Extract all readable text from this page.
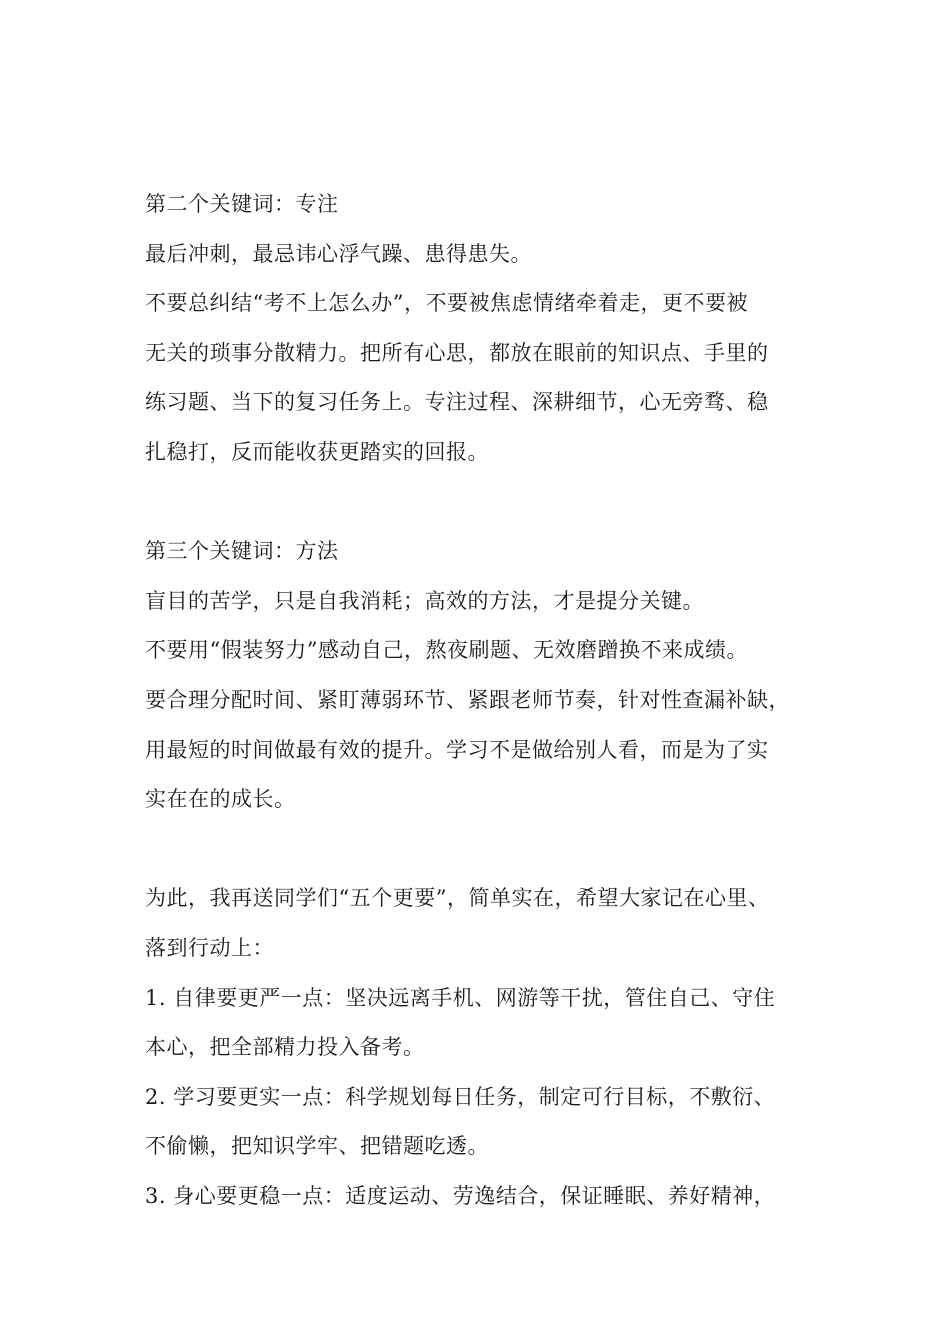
第二个关键词：专注
最后冲刺，最忌讳心浮气躁、患得患失。
不要总纠结“考不上怎么办”，不要被焦虑情绪牵着走，更不要被
无关的琐事分散精力。把所有心思，都放在眼前的知识点、手里的
练习题、当下的复习任务上。专注过程、深耕细节，心无旁骛、稳
扎稳打，反而能收获更踏实的回报。
第三个关键词：方法
盲目的苦学，只是自我消耗；高效的方法，才是提分关键。
不要用“假装努力”感动自己，熬夜刷题、无效磨蹭换不来成绩。
要合理分配时间、紧盯薄弱环节、紧跟老师节奏，针对性查漏补缺，
用最短的时间做最有效的提升。学习不是做给别人看，而是为了实
实在在的成长。
为此，我再送同学们“五个更要”，简单实在，希望大家记在心里、
落到行动上：
1. 自律要更严一点：坚决远离手机、网游等干扰，管住自己、守住
本心，把全部精力投入备考。
2. 学习要更实一点：科学规划每日任务，制定可行目标，不敷衍、
不偷懒，把知识学牢、把错题吃透。
3. 身心要更稳一点：适度运动、劳逸结合，保证睡眠、养好精神，
